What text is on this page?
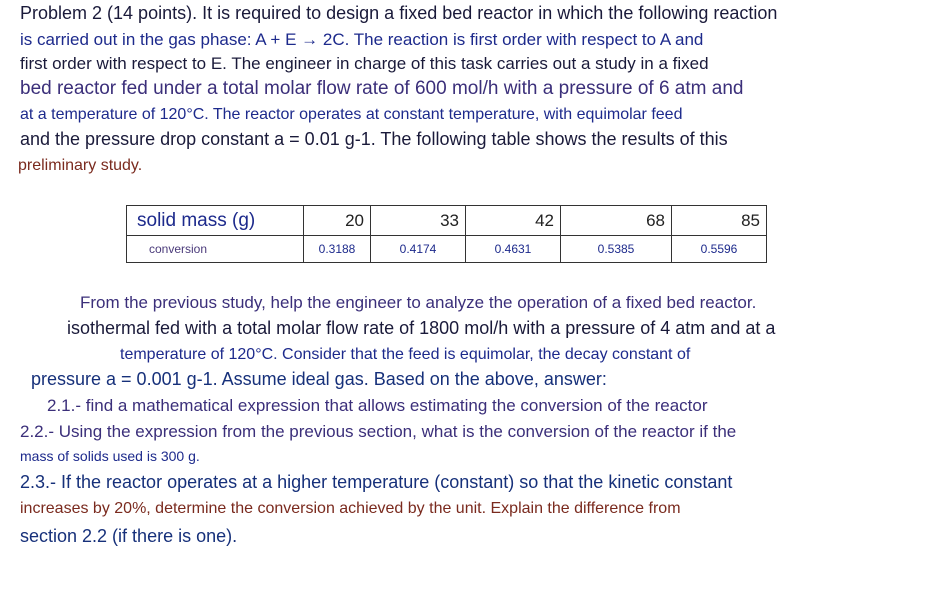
Problem 2 (14 points). It is required to design a fixed bed reactor in which the following reaction
is carried out in the gas phase: A + E → 2C. The reaction is first order with respect to A and
first order with respect to E. The engineer in charge of this task carries out a study in a fixed
bed reactor fed under a total molar flow rate of 600 mol/h with a pressure of 6 atm and
at a temperature of 120°C. The reactor operates at constant temperature, with equimolar feed
and the pressure drop constant a = 0.01 g-1. The following table shows the results of this
preliminary study.
solid mass (g)	20	33	42	68	85
conversion	0.3188	0.4174	0.4631	0.5385	0.5596
From the previous study, help the engineer to analyze the operation of a fixed bed reactor.
isothermal fed with a total molar flow rate of 1800 mol/h with a pressure of 4 atm and at a
temperature of 120°C. Consider that the feed is equimolar, the decay constant of
pressure a = 0.001 g-1. Assume ideal gas. Based on the above, answer:
2.1.- find a mathematical expression that allows estimating the conversion of the reactor
2.2.- Using the expression from the previous section, what is the conversion of the reactor if the
mass of solids used is 300 g.
2.3.- If the reactor operates at a higher temperature (constant) so that the kinetic constant
increases by 20%, determine the conversion achieved by the unit. Explain the difference from
section 2.2 (if there is one).
